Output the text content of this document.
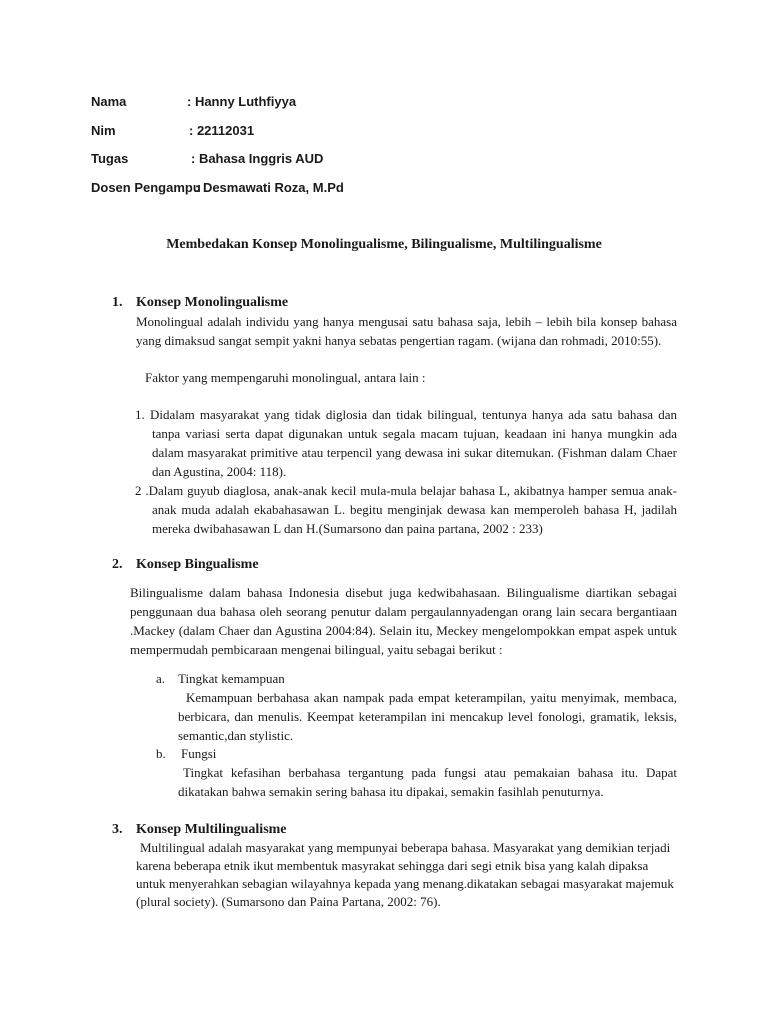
Nama	: Hanny Luthfiyya
Nim	: 22112031
Tugas	: Bahasa Inggris AUD
Dosen Pengampu
: Desmawati Roza, M.Pd
Membedakan Konsep Monolingualisme, Bilingualisme, Multilingualisme
1. Konsep Monolingualisme
Monolingual adalah individu yang hanya mengusai satu bahasa saja, lebih – lebih bila konsep bahasa yang dimaksud sangat sempit yakni hanya sebatas pengertian ragam. (wijana dan rohmadi, 2010:55).
Faktor yang mempengaruhi monolingual, antara lain :
1. Didalam masyarakat yang tidak diglosia dan tidak bilingual, tentunya hanya ada satu bahasa dan tanpa variasi serta dapat digunakan untuk segala macam tujuan, keadaan ini hanya mungkin ada dalam masyarakat primitive atau terpencil yang dewasa ini sukar ditemukan. (Fishman dalam Chaer dan Agustina, 2004: 118).
2 .Dalam guyub diaglosa, anak-anak kecil mula-mula belajar bahasa L, akibatnya hamper semua anak-anak muda adalah ekabahasawan L. begitu menginjak dewasa kan memperoleh bahasa H, jadilah mereka dwibahasawan L dan H.(Sumarsono dan paina partana, 2002 : 233)
2. Konsep Bingualisme
Bilingualisme dalam bahasa Indonesia disebut juga kedwibahasaan. Bilingualisme diartikan sebagai penggunaan dua bahasa oleh seorang penutur dalam pergaulannyadengan orang lain secara bergantiaan .Mackey (dalam Chaer dan Agustina 2004:84). Selain itu, Meckey mengelompokkan empat aspek untuk mempermudah pembicaraan mengenai bilingual, yaitu sebagai berikut :
a. Tingkat kemampuan
Kemampuan berbahasa akan nampak pada empat keterampilan, yaitu menyimak, membaca, berbicara, dan menulis. Keempat keterampilan ini mencakup level fonologi, gramatik, leksis, semantic,dan stylistic.
b. Fungsi
Tingkat kefasihan berbahasa tergantung pada fungsi atau pemakaian bahasa itu. Dapat dikatakan bahwa semakin sering bahasa itu dipakai, semakin fasihlah penuturnya.
3. Konsep Multilingualisme
Multilingual adalah masyarakat yang mempunyai beberapa bahasa. Masyarakat yang demikian terjadi karena beberapa etnik ikut membentuk masyrakat sehingga dari segi etnik bisa yang kalah dipaksa untuk menyerahkan sebagian wilayahnya kepada yang menang.dikatakan sebagai masyarakat majemuk (plural society). (Sumarsono dan Paina Partana, 2002: 76).
